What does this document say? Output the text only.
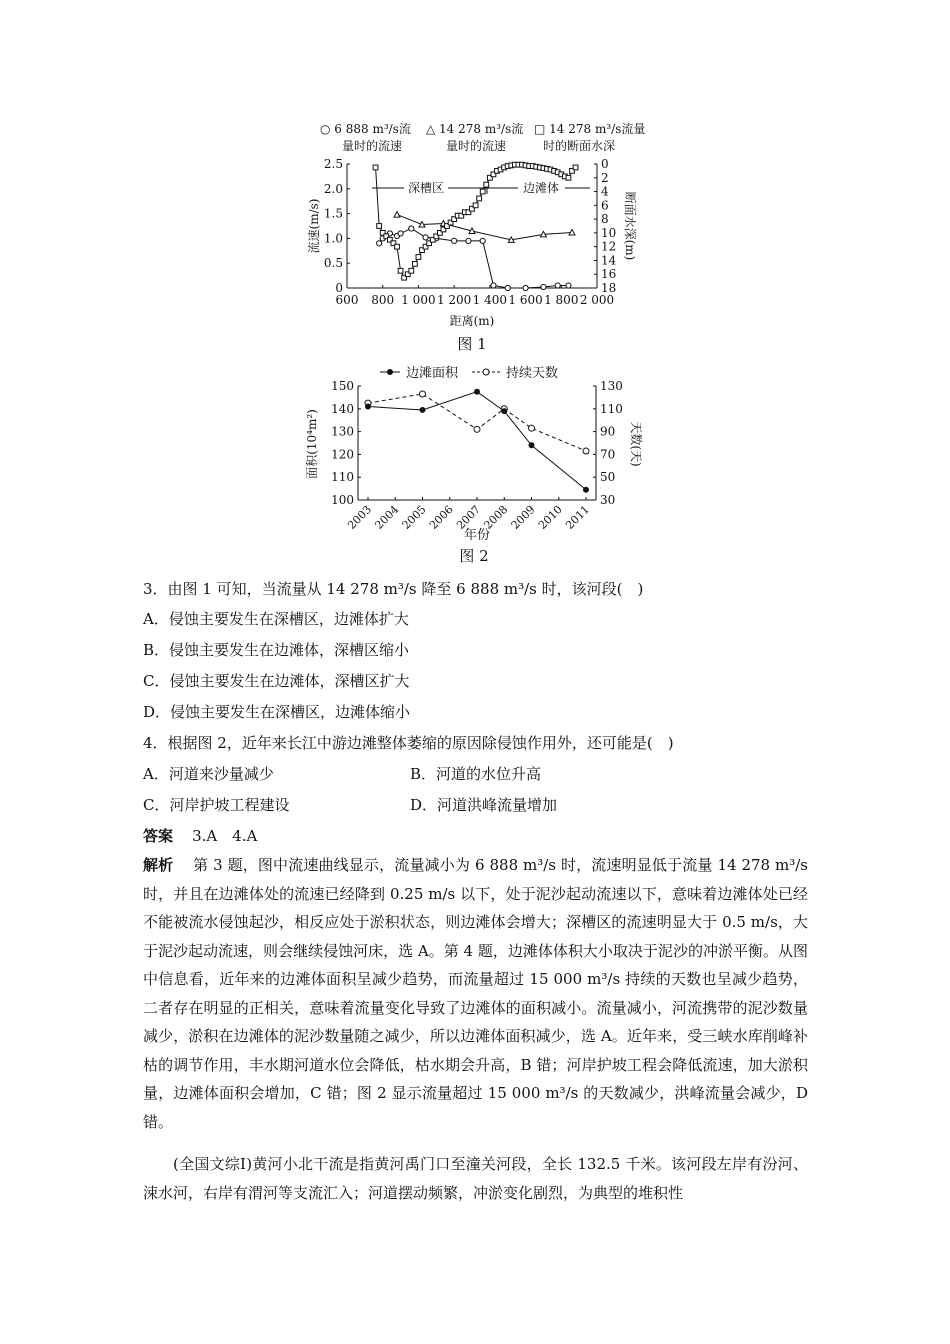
○ 6 888 m³/s流
量时的流速
△ 14 278 m³/s流
量时的流速
□ 14 278 m³/s流量
时的断面水深
流速(m/s)	断面水深(m)
距离(m)
深槽区	边滩体
600 800 1 000 1 200 1 400 1 600 1 800 2 000
2.5
2.0
1.5
1.0
0.5
0
0
2
4
6
8
10
12
14
16
18
图 1
边滩面积	持续天数
面积(10⁴m²)	天数(天)
年份
150
140
130
120
110
100
130
110
90
70
50
30
2003
2004
2005
2006
2007
2008
2009
2010
2011
图 2
3．由图 1 可知，当流量从 14 278 m³/s 降至 6 888 m³/s 时，该河段(　)
A．侵蚀主要发生在深槽区，边滩体扩大
B．侵蚀主要发生在边滩体，深槽区缩小
C．侵蚀主要发生在边滩体，深槽区扩大
D．侵蚀主要发生在深槽区，边滩体缩小
4．根据图 2，近年来长江中游边滩整体萎缩的原因除侵蚀作用外，还可能是(　)
A．河道来沙量减少	B．河道的水位升高
C．河岸护坡工程建设	D．河道洪峰流量增加
答案 3.A　4.A

解析 第 3 题，图中流速曲线显示，流量减小为 6 888 m³/s 时，流速明显低于流量 14 278 m³/s 时，并且在边滩体处的流速已经降到 0.25 m/s 以下，处于泥沙起动流速以下，意味着边滩体处已经不能被流水侵蚀起沙，相反应处于淤积状态，则边滩体会增大；深槽区的流速明显大于 0.5 m/s，大于泥沙起动流速，则会继续侵蚀河床，选 A。第 4 题，边滩体体积大小取决于泥沙的冲淤平衡。从图中信息看，近年来的边滩体面积呈减少趋势，而流量超过 15 000 m³/s 持续的天数也呈减少趋势，二者存在明显的正相关，意味着流量变化导致了边滩体的面积减小。流量减小，河流携带的泥沙数量减少，淤积在边滩体的泥沙数量随之减少，所以边滩体面积减少，选 A。近年来，受三峡水库削峰补枯的调节作用，丰水期河道水位会降低，枯水期会升高，B 错；河岸护坡工程会降低流速，加大淤积量，边滩体面积会增加，C 错；图 2 显示流量超过 15 000 m³/s 的天数减少，洪峰流量会减少，D 错。

(全国文综Ⅰ)黄河小北干流是指黄河禹门口至潼关河段，全长 132.5 千米。该河段左岸有汾河、涑水河，右岸有渭河等支流汇入；河道摆动频繁，冲淤变化剧烈，为典型的堆积性
